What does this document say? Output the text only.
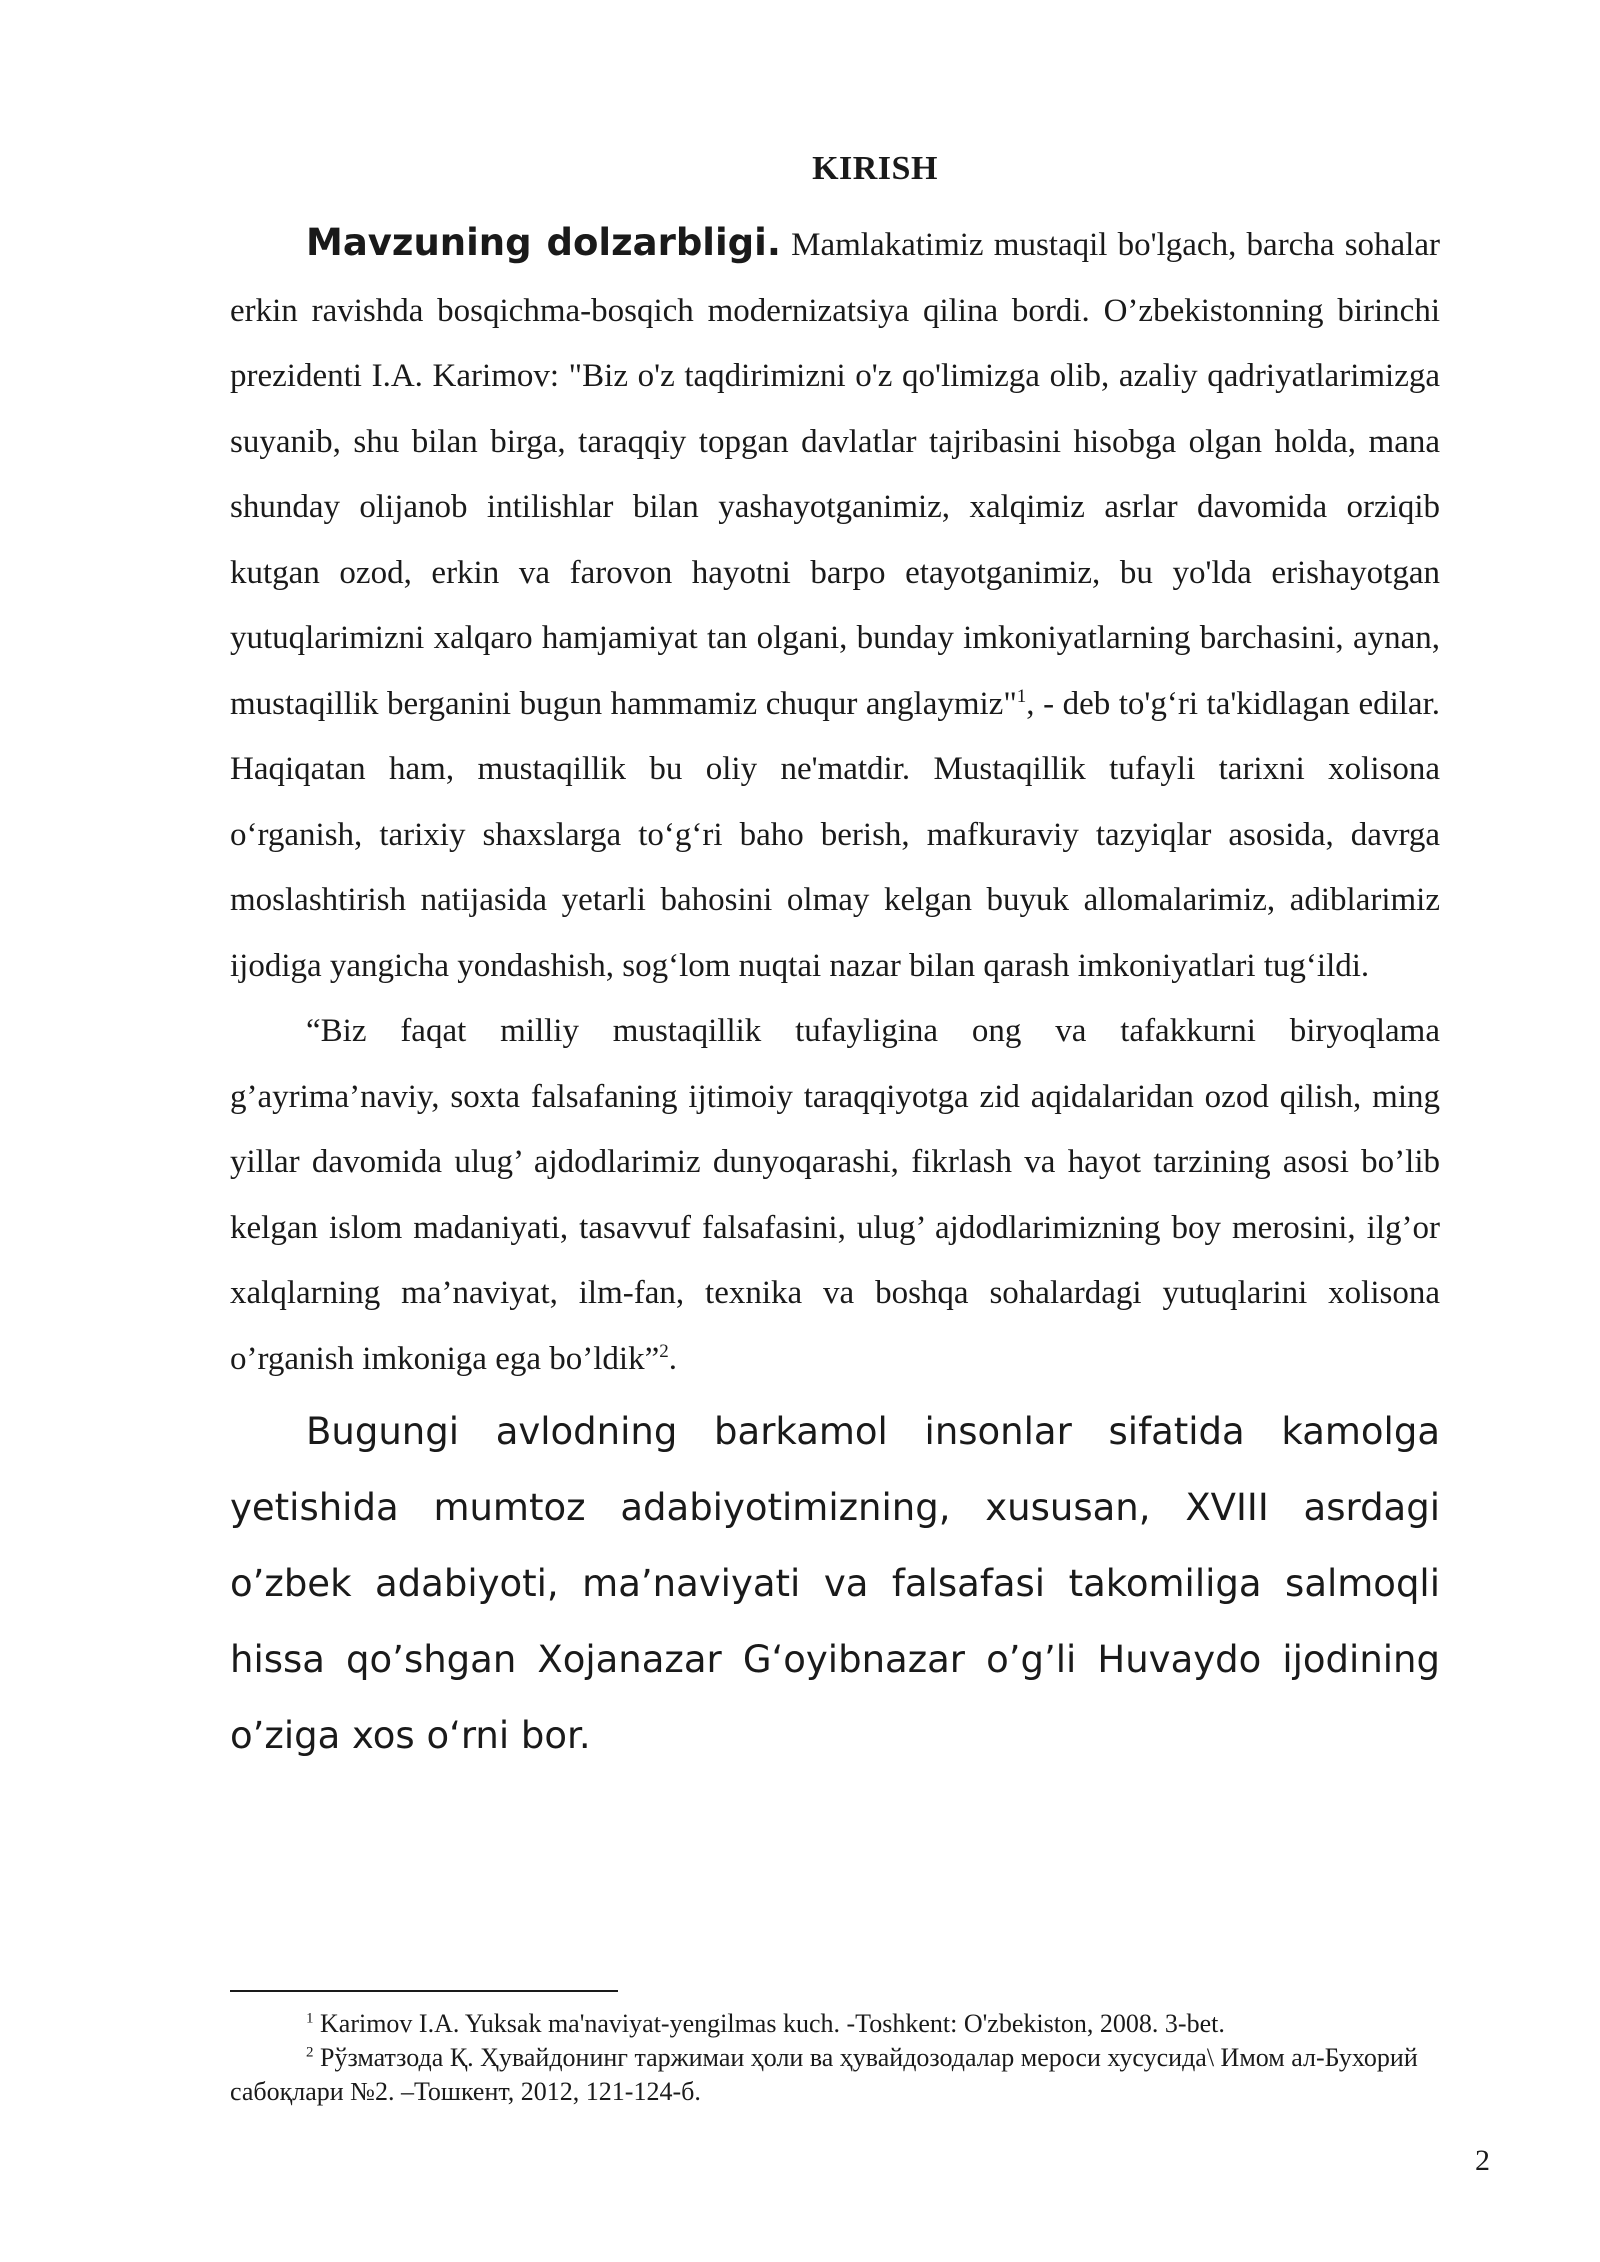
KIRISH

Mavzuning dolzarbligi. Mamlakatimiz mustaqil bo'lgach, barcha sohalar erkin ravishda bosqichma-bosqich modernizatsiya qilina bordi. O’zbekistonning birinchi prezidenti I.A. Karimov: "Biz o'z taqdirimizni o'z qo'limizga olib, azaliy qadriyatlarimizga suyanib, shu bilan birga, taraqqiy topgan davlatlar tajribasini hisobga olgan holda, mana shunday olijanob intilishlar bilan yashayotganimiz, xalqimiz asrlar davomida orziqib kutgan ozod, erkin va farovon hayotni barpo etayotganimiz, bu yo'lda erishayotgan yutuqlarimizni xalqaro hamjamiyat tan olgani, bunday imkoniyatlarning barchasini, aynan, mustaqillik berganini bugun hammamiz chuqur anglaymiz"$^1$, - deb to'g‘ri ta'kidlagan edilar. Haqiqatan ham, mustaqillik bu oliy ne'matdir. Mustaqillik tufayli tarixni xolisona o‘rganish, tarixiy shaxslarga to‘g‘ri baho berish, mafkuraviy tazyiqlar asosida, davrga moslashtirish natijasida yetarli bahosini olmay kelgan buyuk allomalarimiz, adiblarimiz ijodiga yangicha yondashish, sog‘lom nuqtai nazar bilan qarash imkoniyatlari tug‘ildi.

“Biz faqat milliy mustaqillik tufayligina ong va tafakkurni biryoqlama g’ayrima’naviy, soxta falsafaning ijtimoiy taraqqiyotga zid aqidalaridan ozod qilish, ming yillar davomida ulug’ ajdodlarimiz dunyoqarashi, fikrlash va hayot tarzining asosi bo’lib kelgan islom madaniyati, tasavvuf falsafasini, ulug’ ajdodlarimizning boy merosini, ilg’or xalqlarning ma’naviyat, ilm-fan, texnika va boshqa sohalardagi yutuqlarini xolisona o’rganish imkoniga ega bo’ldik”$^2$.

Bugungi avlodning barkamol insonlar sifatida kamolga yetishida mumtoz adabiyotimizning, xususan, XVIII asrdagi o’zbek adabiyoti, ma’naviyati va falsafasi takomiliga salmoqli hissa qo’shgan Xojanazar G‘oyibnazar o’g’li Huvaydo ijodining o’ziga xos o‘rni bor.

$^1$ Karimov I.A. Yuksak ma'naviyat-yengilmas kuch. -Toshkent: O'zbekiston, 2008. 3-bet.

$^2$ Рўзматзода Қ. Ҳувайдонинг таржимаи ҳоли ва ҳувайдозодалар мероси хусусида\ Имом ал-Бухорий сабоқлари №2. –Тошкент, 2012, 121-124-б.

2
